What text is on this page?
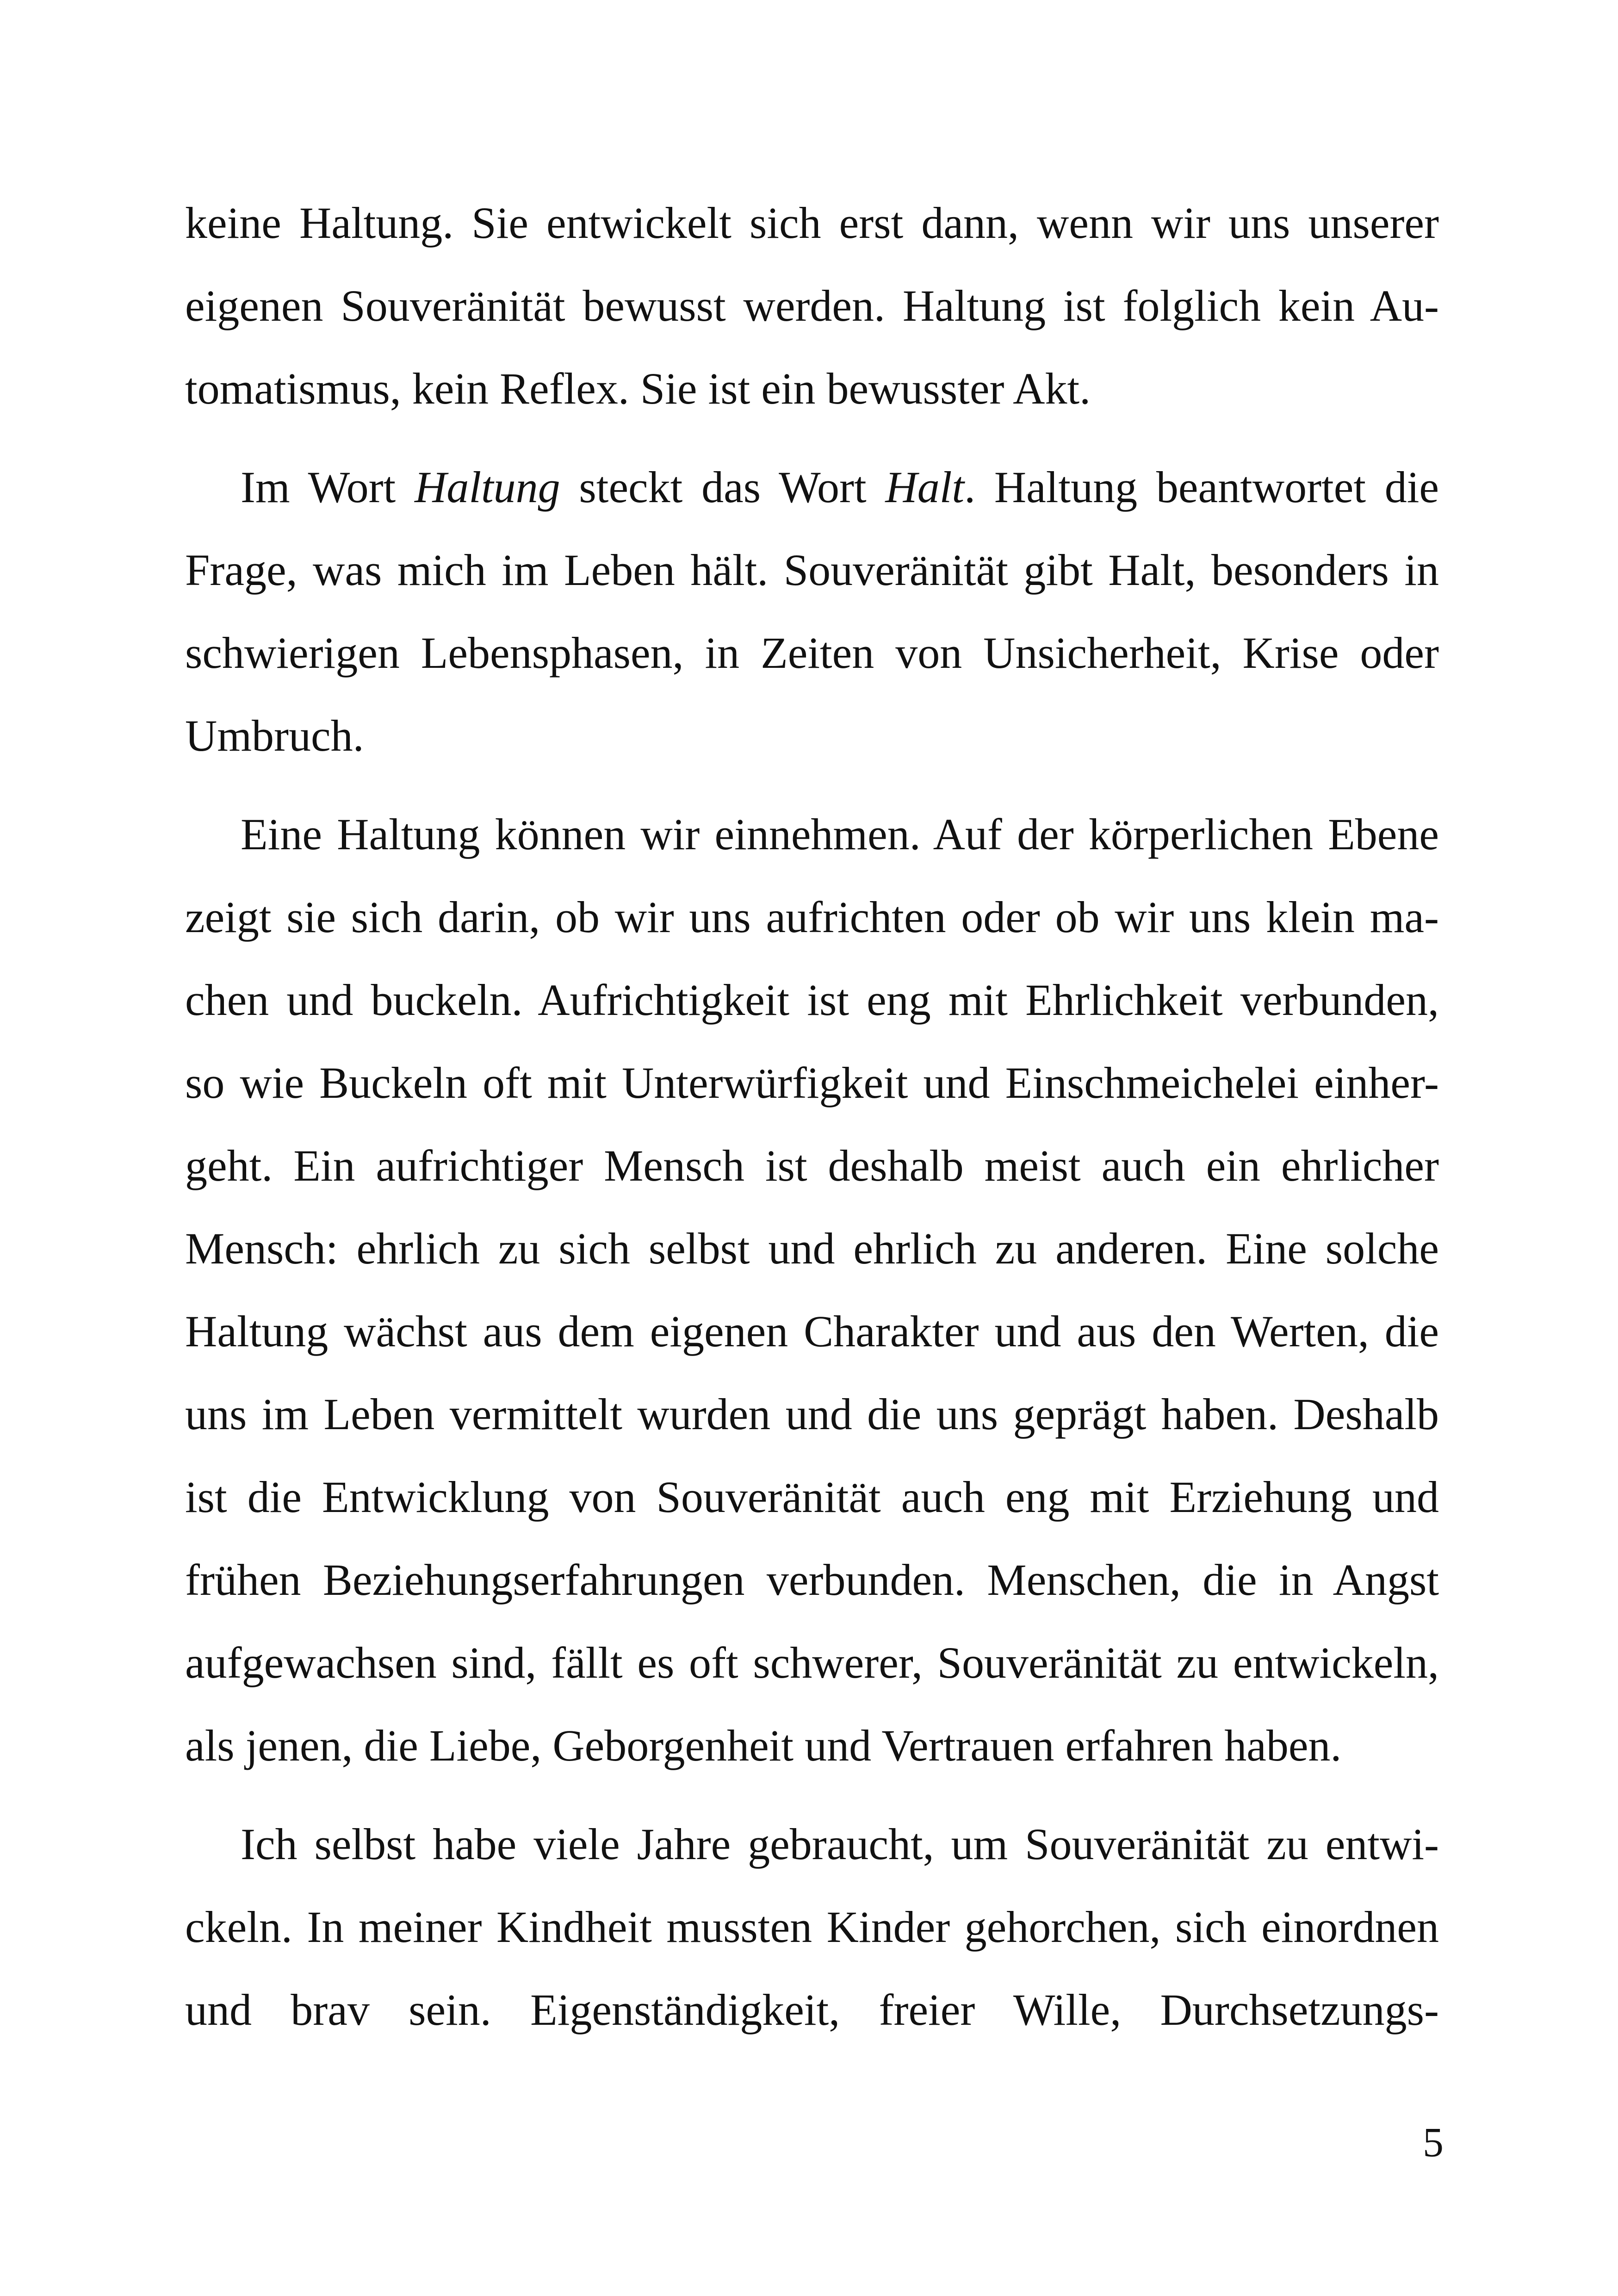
keine Haltung. Sie entwickelt sich erst dann, wenn wir uns unserer
eigenen Souveränität bewusst werden. Haltung ist folglich kein Au-
tomatismus, kein Reflex. Sie ist ein bewusster Akt.

Im Wort Haltung steckt das Wort Halt. Haltung beantwortet die
Frage, was mich im Leben hält. Souveränität gibt Halt, besonders in
schwierigen Lebensphasen, in Zeiten von Unsicherheit, Krise oder
Umbruch.

Eine Haltung können wir einnehmen. Auf der körperlichen Ebene
zeigt sie sich darin, ob wir uns aufrichten oder ob wir uns klein ma-
chen und buckeln. Aufrichtigkeit ist eng mit Ehrlichkeit verbunden,
so wie Buckeln oft mit Unterwürfigkeit und Einschmeichelei einher-
geht. Ein aufrichtiger Mensch ist deshalb meist auch ein ehrlicher
Mensch: ehrlich zu sich selbst und ehrlich zu anderen. Eine solche
Haltung wächst aus dem eigenen Charakter und aus den Werten, die
uns im Leben vermittelt wurden und die uns geprägt haben. Deshalb
ist die Entwicklung von Souveränität auch eng mit Erziehung und
frühen Beziehungserfahrungen verbunden. Menschen, die in Angst
aufgewachsen sind, fällt es oft schwerer, Souveränität zu entwickeln,
als jenen, die Liebe, Geborgenheit und Vertrauen erfahren haben.

Ich selbst habe viele Jahre gebraucht, um Souveränität zu entwi-
ckeln. In meiner Kindheit mussten Kinder gehorchen, sich einordnen
und brav sein. Eigenständigkeit, freier Wille, Durchsetzungs-

5
